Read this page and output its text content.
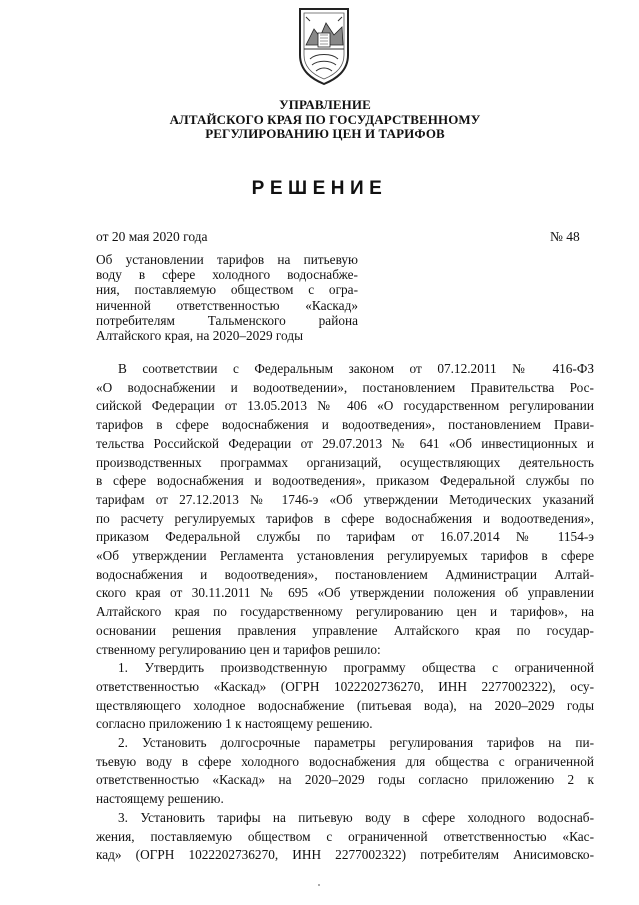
УПРАВЛЕНИЕ
АЛТАЙСКОГО КРАЯ ПО ГОСУДАРСТВЕННОМУ
РЕГУЛИРОВАНИЮ ЦЕН И ТАРИФОВ
РЕШЕНИЕ
от 20 мая 2020 года	№ 48
Об установлении тарифов на питьевую
воду в сфере холодного водоснабже-
ния, поставляемую обществом с огра-
ниченной ответственностью «Каскад»
потребителям Тальменского района
Алтайского края, на 2020–2029 годы
В соответствии с Федеральным законом от 07.12.2011 № 416-ФЗ
«О водоснабжении и водоотведении», постановлением Правительства Рос-
сийской Федерации от 13.05.2013 № 406 «О государственном регулировании
тарифов в сфере водоснабжения и водоотведения», постановлением Прави-
тельства Российской Федерации от 29.07.2013 № 641 «Об инвестиционных и
производственных программах организаций, осуществляющих деятельность
в сфере водоснабжения и водоотведения», приказом Федеральной службы по
тарифам от 27.12.2013 № 1746-э «Об утверждении Методических указаний
по расчету регулируемых тарифов в сфере водоснабжения и водоотведения»,
приказом Федеральной службы по тарифам от 16.07.2014 № 1154-э
«Об утверждении Регламента установления регулируемых тарифов в сфере
водоснабжения и водоотведения», постановлением Администрации Алтай-
ского края от 30.11.2011 № 695 «Об утверждении положения об управлении
Алтайского края по государственному регулированию цен и тарифов», на
основании решения правления управление Алтайского края по государ-
ственному регулированию цен и тарифов решило:
1. Утвердить производственную программу общества с ограниченной
ответственностью «Каскад» (ОГРН 1022202736270, ИНН 2277002322), осу-
ществляющего холодное водоснабжение (питьевая вода), на 2020–2029 годы
согласно приложению 1 к настоящему решению.
2. Установить долгосрочные параметры регулирования тарифов на пи-
тьевую воду в сфере холодного водоснабжения для общества с ограниченной
ответственностью «Каскад» на 2020–2029 годы согласно приложению 2 к
настоящему решению.
3. Установить тарифы на питьевую воду в сфере холодного водоснаб-
жения, поставляемую обществом с ограниченной ответственностью «Кас-
кад» (ОГРН 1022202736270, ИНН 2277002322) потребителям Анисимовско-
